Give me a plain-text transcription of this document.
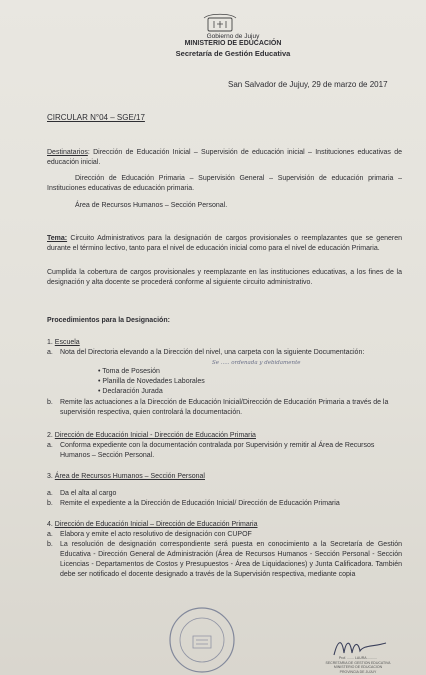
Gobierno de Jujuy
MINISTERIO DE EDUCACIÓN
Secretaría de Gestión Educativa
San Salvador de Jujuy, 29 de marzo de 2017
CIRCULAR N°04 – SGE/17
Destinatarios: Dirección de Educación Inicial – Supervisión de educación inicial – Instituciones educativas de educación inicial.
Dirección de Educación Primaria – Supervisión General – Supervisión de educación primaria – Instituciones educativas de educación primaria.
Área de Recursos Humanos – Sección Personal.
Tema: Circuito Administrativos para la designación de cargos provisionales o reemplazantes que se generen durante el término lectivo, tanto para el nivel de educación inicial como para el nivel de educación Primaria.
Cumplida la cobertura de cargos provisionales y reemplazante en las instituciones educativas, a los fines de la designación y alta docente se procederá conforme al siguiente circuito administrativo.
Procedimientos para la Designación:
1. Escuela
a. Nota del Directoria elevando a la Dirección del nivel, una carpeta con la siguiente Documentación:
Se ..... ordenada y debidamente
• Toma de Posesión
• Planilla de Novedades Laborales
• Declaración Jurada
b. Remite las actuaciones a la Dirección de Educación Inicial/Dirección de Educación Primaria a través de la supervisión respectiva, quien controlará la documentación.
2. Dirección de Educación Inicial - Dirección de Educación Primaria
a. Conforma expediente con la documentación contralada por Supervisión y remitir al Área de Recursos Humanos – Sección Personal.
3. Área de Recursos Humanos – Sección Personal
a. Da el alta al cargo
b. Remite el expediente a la Dirección de Educación Inicial/ Dirección de Educación Primaria
4. Dirección de Educación Inicial – Dirección de Educación Primaria
a. Elabora y emite el acto resolutivo de designación con CUPOF
b. La resolución de designación correspondiente será puesta en conocimiento a la Secretaría de Gestión Educativa - Dirección General de Administración (Área de Recursos Humanos - Sección Personal - Sección Licencias - Departamentos de Costos y Presupuestos - Área de Liquidaciones) y Junta Calificadora. También debe ser notificado el docente designado a través de la Supervisión respectiva, mediante copia
Prof. ....... LAURA ..........
SECRETARIA DE GESTION EDUCATIVA
MINISTERIO DE EDUCACION
PROVINCIA DE JUJUY
